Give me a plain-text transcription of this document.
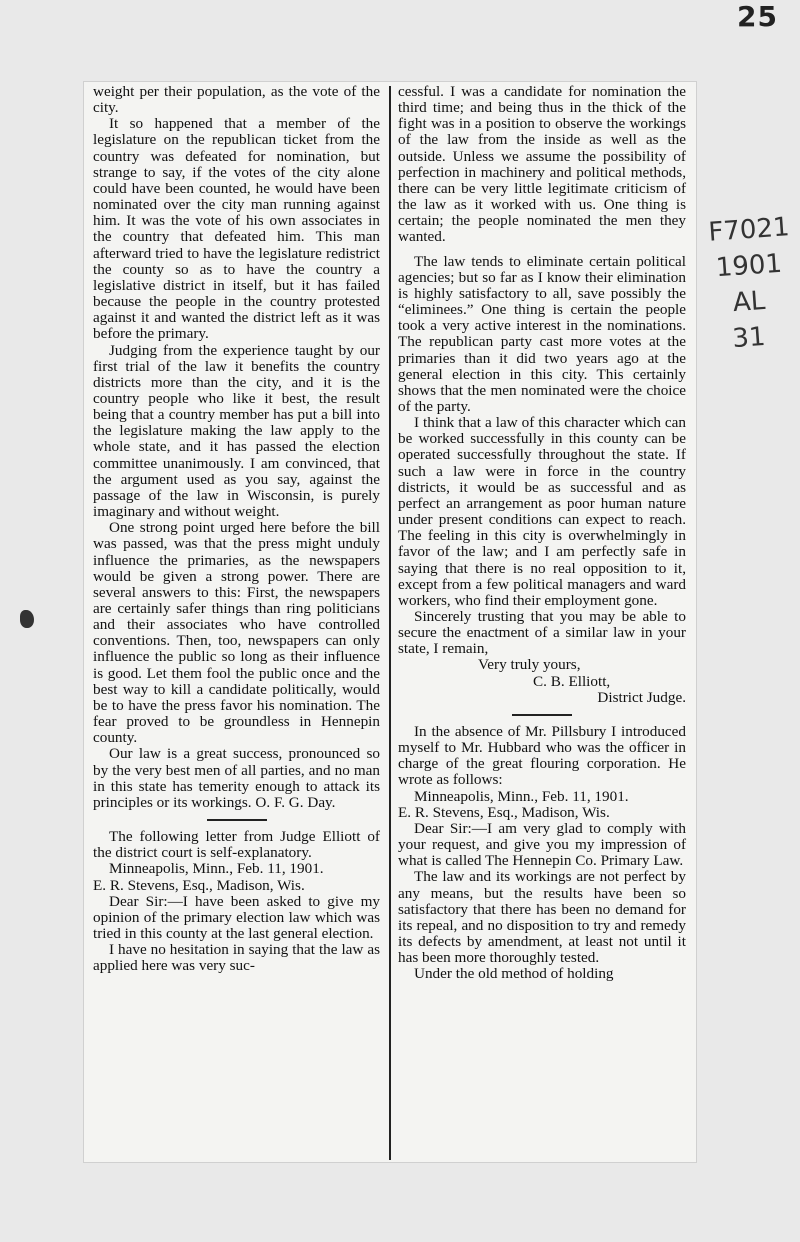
25

weight per their population, as the vote of the city.

It so happened that a member of the legislature on the republican ticket from the country was defeated for nomination, but strange to say, if the votes of the city alone could have been counted, he would have been nominated over the city man running against him. It was the vote of his own associates in the country that defeated him. This man afterward tried to have the legislature redistrict the county so as to have the country a legislative district in itself, but it has failed because the people in the country protested against it and wanted the district left as it was before the primary.

Judging from the experience taught by our first trial of the law it benefits the country districts more than the city, and it is the country people who like it best, the result being that a country member has put a bill into the legislature making the law apply to the whole state, and it has passed the election committee unanimously. I am convinced, that the argument used as you say, against the passage of the law in Wisconsin, is purely imaginary and without weight.

One strong point urged here before the bill was passed, was that the press might unduly influence the primaries, as the newspapers would be given a strong power. There are several answers to this: First, the newspapers are certainly safer things than ring politicians and their associates who have controlled conventions. Then, too, newspapers can only influence the public so long as their influence is good. Let them fool the public once and the best way to kill a candidate politically, would be to have the press favor his nomination. The fear proved to be groundless in Hennepin county.

Our law is a great success, pronounced so by the very best men of all parties, and no man in this state has temerity enough to attack its principles or its workings. O. F. G. Day.

The following letter from Judge Elliott of the district court is self-explanatory.

Minneapolis, Minn., Feb. 11, 1901.

E. R. Stevens, Esq., Madison, Wis.

Dear Sir:—I have been asked to give my opinion of the primary election law which was tried in this county at the last general election.

I have no hesitation in saying that the law as applied here was very suc-

cessful. I was a candidate for nomination the third time; and being thus in the thick of the fight was in a position to observe the workings of the law from the inside as well as the outside. Unless we assume the possibility of perfection in machinery and political methods, there can be very little legitimate criticism of the law as it worked with us. One thing is certain; the people nominated the men they wanted.

The law tends to eliminate certain political agencies; but so far as I know their elimination is highly satisfactory to all, save possibly the “eliminees.” One thing is certain the people took a very active interest in the nominations. The republican party cast more votes at the primaries than it did two years ago at the general election in this city. This certainly shows that the men nominated were the choice of the party.

I think that a law of this character which can be worked successfully in this county can be operated successfully throughout the state. If such a law were in force in the country districts, it would be as successful and as perfect an arrangement as poor human nature under present conditions can expect to reach. The feeling in this city is overwhelmingly in favor of the law; and I am perfectly safe in saying that there is no real opposition to it, except from a few political managers and ward workers, who find their employment gone.

Sincerely trusting that you may be able to secure the enactment of a similar law in your state, I remain,

Very truly yours,

C. B. Elliott,

District Judge.

In the absence of Mr. Pillsbury I introduced myself to Mr. Hubbard who was the officer in charge of the great flouring corporation. He wrote as follows:

Minneapolis, Minn., Feb. 11, 1901.

E. R. Stevens, Esq., Madison, Wis.

Dear Sir:—I am very glad to comply with your request, and give you my impression of what is called The Hennepin Co. Primary Law.

The law and its workings are not perfect by any means, but the results have been so satisfactory that there has been no demand for its repeal, and no disposition to try and remedy its defects by amendment, at least not until it has been more thoroughly tested.

Under the old method of holding

F7021
1901
AL
31
